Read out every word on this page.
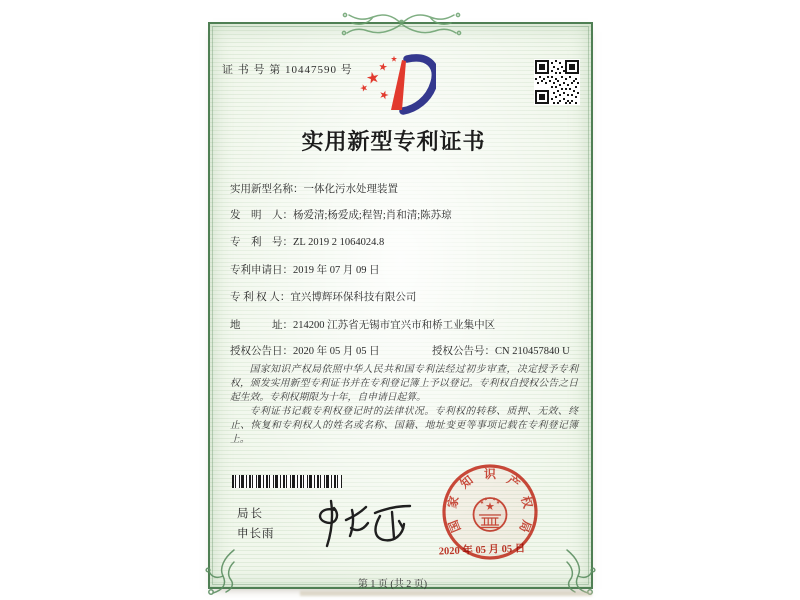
证 书 号 第 10447590 号
实用新型专利证书
实用新型名称：一体化污水处理装置
发　明　人：杨爱清;杨爱成;程智;肖和清;陈苏琼
专　利　号：ZL 2019 2 1064024.8
专利申请日：2019 年 07 月 09 日
专 利 权 人：宜兴博辉环保科技有限公司
地　　　址：214200 江苏省无锡市宜兴市和桥工业集中区
授权公告日：2020 年 05 月 05 日	授权公告号：CN 210457840 U

国家知识产权局依照中华人民共和国专利法经过初步审查，决定授予专利权，颁发实用新型专利证书并在专利登记簿上予以登记。专利权自授权公告之日起生效。专利权期限为十年，自申请日起算。

专利证书记载专利权登记时的法律状况。专利权的转移、质押、无效、终止、恢复和专利权人的姓名或名称、国籍、地址变更等事项记载在专利登记簿上。

局长
申长雨	国
家
知 识 产
权
局
2020 年 05 月 05 日
第 1 页 (共 2 页)
